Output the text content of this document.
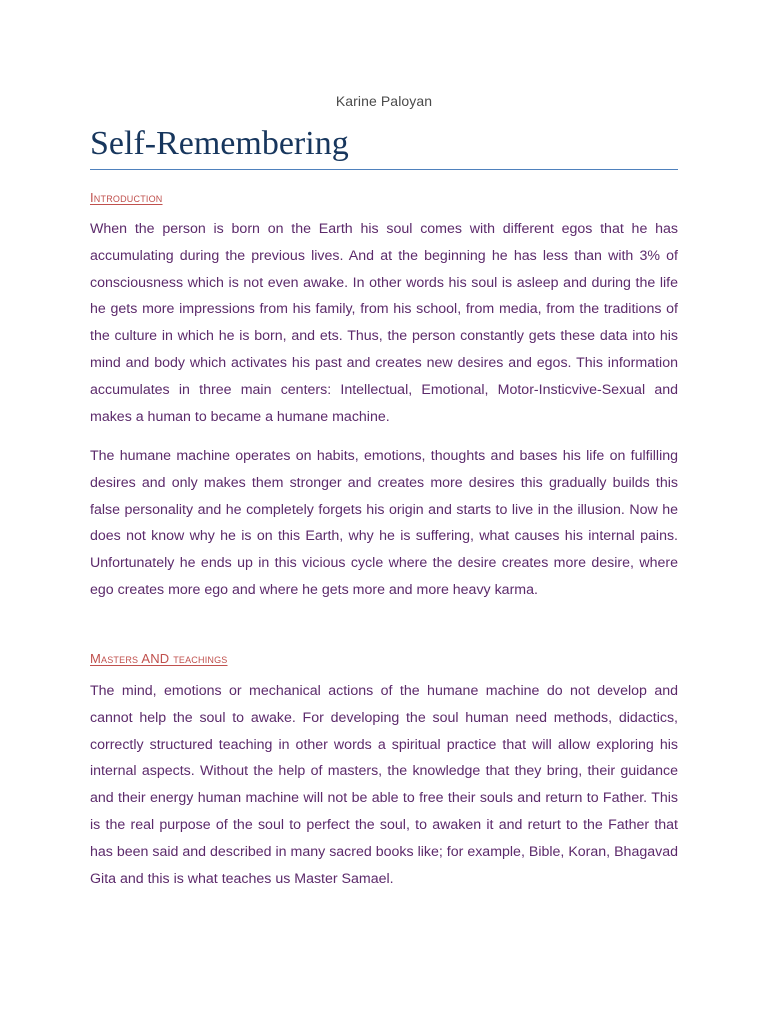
Karine Paloyan
Self-Remembering
Introduction

When the person is born on the Earth his soul comes with different egos that he has accumulating during the previous lives. And at the beginning he has less than with 3% of consciousness which is not even awake. In other words his soul is asleep and during the life he gets more impressions from his family, from his school, from media, from the traditions of the culture in which he is born, and ets. Thus, the person constantly gets these data into his mind and body which activates his past and creates new desires and egos. This information accumulates in three main centers: Intellectual, Emotional, Motor-Insticvive-Sexual and makes a human to became a humane machine.

The humane machine operates on habits, emotions, thoughts and bases his life on fulfilling desires and only makes them stronger and creates more desires this gradually builds this false personality and he completely forgets his origin and starts to live in the illusion. Now he does not know why he is on this Earth, why he is suffering, what causes his internal pains. Unfortunately he ends up in this vicious cycle where the desire creates more desire, where ego creates more ego and where he gets more and more heavy karma.

Masters AND teachings

The mind, emotions or mechanical actions of the humane machine do not develop and cannot help the soul to awake. For developing the soul human need methods, didactics, correctly structured teaching in other words a spiritual practice that will allow exploring his internal aspects. Without the help of masters, the knowledge that they bring, their guidance and their energy human machine will not be able to free their souls and return to Father. This is the real purpose of the soul to perfect the soul, to awaken it and returt to the Father that has been said and described in many sacred books like; for example, Bible, Koran, Bhagavad Gita and this is what teaches us Master Samael.
